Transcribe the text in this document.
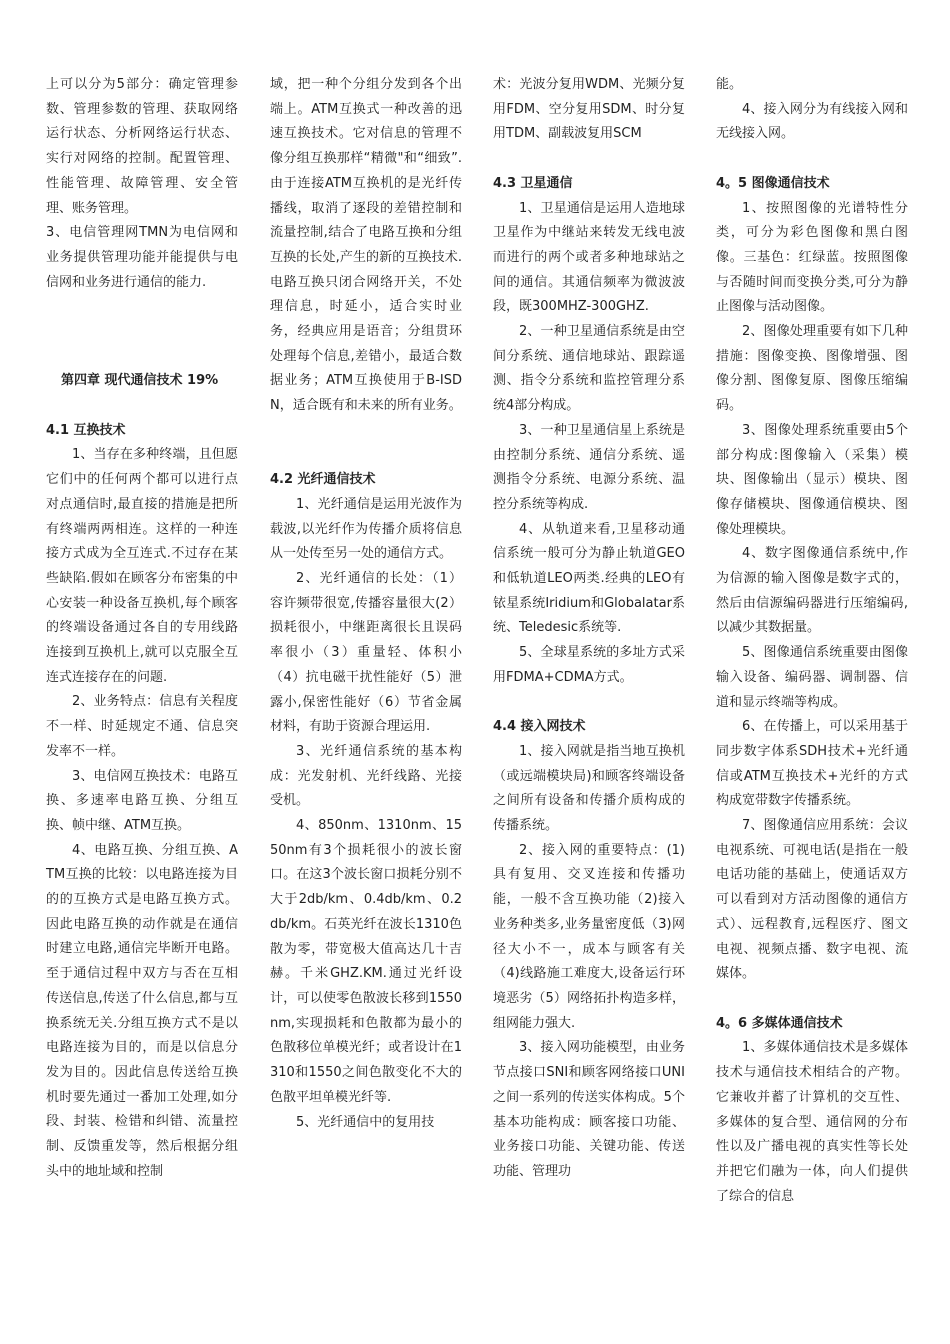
上可以分为5部分：确定管理参数、管理参数的管理、获取网络运行状态、分析网络运行状态、实行对网络的控制。配置管理、性能管理、故障管理、安全管理、账务管理。

3、电信管理网TMN为电信网和业务提供管理功能并能提供与电信网和业务进行通信的能力.

第四章 现代通信技术 19%
4.1 互换技术

1、当存在多种终端，且但愿它们中的任何两个都可以进行点对点通信时,最直接的措施是把所有终端两两相连。这样的一种连接方式成为全互连式.不过存在某些缺陷.假如在顾客分布密集的中心安装一种设备互换机,每个顾客的终端设备通过各自的专用线路连接到互换机上,就可以克服全互连式连接存在的问题.

2、业务特点：信息有关程度不一样、时延规定不通、信息突发率不一样。

3、电信网互换技术：电路互换、多速率电路互换、分组互换、帧中继、ATM互换。

4、电路互换、分组互换、ATM互换的比较：以电路连接为目的的互换方式是电路互换方式。因此电路互换的动作就是在通信时建立电路,通信完毕断开电路。至于通信过程中双方与否在互相传送信息,传送了什么信息,都与互换系统无关.分组互换方式不是以电路连接为目的，而是以信息分发为目的。因此信息传送给互换机时要先通过一番加工处理,如分段、封装、检错和纠错、流量控制、反馈重发等，然后根据分组头中的地址域和控制

域，把一种个分组分发到各个出端上。ATM互换式一种改善的迅速互换技术。它对信息的管理不像分组互换那样“精微"和“细致”.由于连接ATM互换机的是光纤传播线，取消了逐段的差错控制和流量控制,结合了电路互换和分组互换的长处,产生的新的互换技术.电路互换只闭合网络开关，不处理信息，时延小，适合实时业务，经典应用是语音；分组贯环处理每个信息,差错小，最适合数据业务；ATM互换使用于B-ISDN，适合既有和未来的所有业务。

4.2 光纤通信技术

1、光纤通信是运用光波作为载波,以光纤作为传播介质将信息从一处传至另一处的通信方式。

2、光纤通信的长处：（1）容许频带很宽,传播容量很大(2）损耗很小，中继距离很长且误码率很小（3）重量轻、体积小（4）抗电磁干扰性能好（5）泄露小,保密性能好（6）节省金属材料，有助于资源合理运用.

3、光纤通信系统的基本构成：光发射机、光纤线路、光接受机。

4、850nm、1310nm、1550nm有3个损耗很小的波长窗口。在这3个波长窗口损耗分别不大于2db/km、0.4db/km、0.2db/km。石英光纤在波长1310色散为零，带宽极大值高达几十吉赫。千米GHZ.KM.通过光纤设计，可以使零色散波长移到1550nm,实现损耗和色散都为最小的色散移位单模光纤；或者设计在1310和1550之间色散变化不大的色散平坦单模光纤等.

5、光纤通信中的复用技

术：光波分复用WDM、光频分复用FDM、空分复用SDM、时分复用TDM、副载波复用SCM

4.3 卫星通信

1、卫星通信是运用人造地球卫星作为中继站来转发无线电波而进行的两个或者多种地球站之间的通信。其通信频率为微波波段，既300MHZ-300GHZ.

2、一种卫星通信系统是由空间分系统、通信地球站、跟踪遥测、指令分系统和监控管理分系统4部分构成。

3、一种卫星通信星上系统是由控制分系统、通信分系统、遥测指令分系统、电源分系统、温控分系统等构成.

4、从轨道来看,卫星移动通信系统一般可分为静止轨道GEO和低轨道LEO两类.经典的LEO有铱星系统Iridium和Globalatar系统、Teledesic系统等.

5、全球星系统的多址方式采用FDMA+CDMA方式。

4.4 接入网技术

1、接入网就是指当地互换机（或远端模块局)和顾客终端设备之间所有设备和传播介质构成的传播系统。

2、接入网的重要特点：(1)具有复用、交叉连接和传播功能，一般不含互换功能（2)接入业务种类多,业务量密度低（3)网径大小不一，成本与顾客有关（4)线路施工难度大,设备运行环境恶劣（5）网络拓扑构造多样，组网能力强大.

3、接入网功能模型，由业务节点接口SNI和顾客网络接口UNI之间一系列的传送实体构成。5个基本功能构成：顾客接口功能、业务接口功能、关键功能、传送功能、管理功

能。

4、接入网分为有线接入网和无线接入网。

4。5 图像通信技术

1、按照图像的光谱特性分类，可分为彩色图像和黑白图像。三基色：红绿蓝。按照图像与否随时间而变换分类,可分为静止图像与活动图像。

2、图像处理重要有如下几种措施：图像变换、图像增强、图像分割、图像复原、图像压缩编码。

3、图像处理系统重要由5个部分构成:图像输入（采集）模块、图像输出（显示）模块、图像存储模块、图像通信模块、图像处理模块。

4、数字图像通信系统中,作为信源的输入图像是数字式的，然后由信源编码器进行压缩编码,以减少其数据量。

5、图像通信系统重要由图像输入设备、编码器、调制器、信道和显示终端等构成。

6、在传播上，可以采用基于同步数字体系SDH技术+光纤通信或ATM互换技术+光纤的方式构成宽带数字传播系统。

7、图像通信应用系统：会议电视系统、可视电话(是指在一般电话功能的基础上，使通话双方可以看到对方活动图像的通信方式）、远程教育,远程医疗、图文电视、视频点播、数字电视、流媒体。

4。6 多媒体通信技术

1、多媒体通信技术是多媒体技术与通信技术相结合的产物。它兼收并蓄了计算机的交互性、多媒体的复合型、通信网的分布性以及广播电视的真实性等长处并把它们融为一体，向人们提供了综合的信息
